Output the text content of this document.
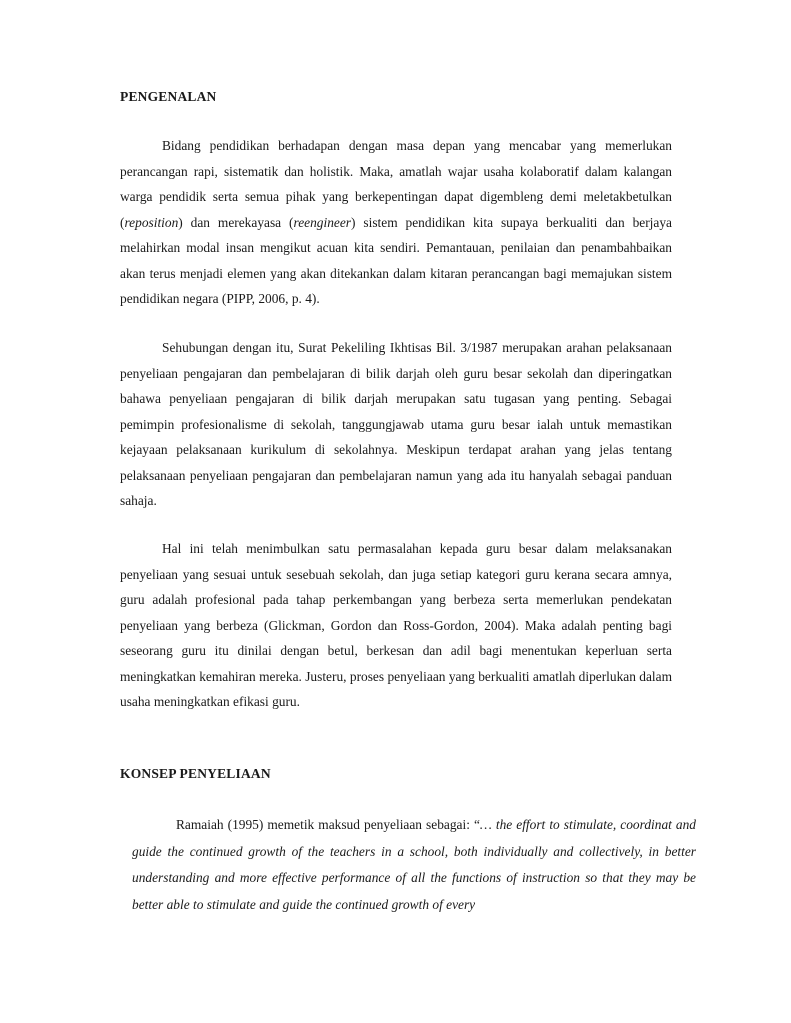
PENGENALAN

Bidang pendidikan berhadapan dengan masa depan yang mencabar yang memerlukan perancangan rapi, sistematik dan holistik. Maka, amatlah wajar usaha kolaboratif dalam kalangan warga pendidik serta semua pihak yang berkepentingan dapat digembleng demi meletakbetulkan (reposition) dan merekayasa (reengineer) sistem pendidikan kita supaya berkualiti dan berjaya melahirkan modal insan mengikut acuan kita sendiri. Pemantauan, penilaian dan penambahbaikan akan terus menjadi elemen yang akan ditekankan dalam kitaran perancangan bagi memajukan sistem pendidikan negara (PIPP, 2006, p. 4).

Sehubungan dengan itu, Surat Pekeliling Ikhtisas Bil. 3/1987 merupakan arahan pelaksanaan penyeliaan pengajaran dan pembelajaran di bilik darjah oleh guru besar sekolah dan diperingatkan bahawa penyeliaan pengajaran di bilik darjah merupakan satu tugasan yang penting. Sebagai pemimpin profesionalisme di sekolah, tanggungjawab utama guru besar ialah untuk memastikan kejayaan pelaksanaan kurikulum di sekolahnya. Meskipun terdapat arahan yang jelas tentang pelaksanaan penyeliaan pengajaran dan pembelajaran namun yang ada itu hanyalah sebagai panduan sahaja.

Hal ini telah menimbulkan satu permasalahan kepada guru besar dalam melaksanakan penyeliaan yang sesuai untuk sesebuah sekolah, dan juga setiap kategori guru kerana secara amnya, guru adalah profesional pada tahap perkembangan yang berbeza serta memerlukan pendekatan penyeliaan yang berbeza (Glickman, Gordon dan Ross-Gordon, 2004). Maka adalah penting bagi seseorang guru itu dinilai dengan betul, berkesan dan adil bagi menentukan keperluan serta meningkatkan kemahiran mereka. Justeru, proses penyeliaan yang berkualiti amatlah diperlukan dalam usaha meningkatkan efikasi guru.

KONSEP PENYELIAAN

Ramaiah (1995) memetik maksud penyeliaan sebagai: “… the effort to stimulate, coordinat and guide the continued growth of the teachers in a school, both individually and collectively, in better understanding and more effective performance of all the functions of instruction so that they may be better able to stimulate and guide the continued growth of every
